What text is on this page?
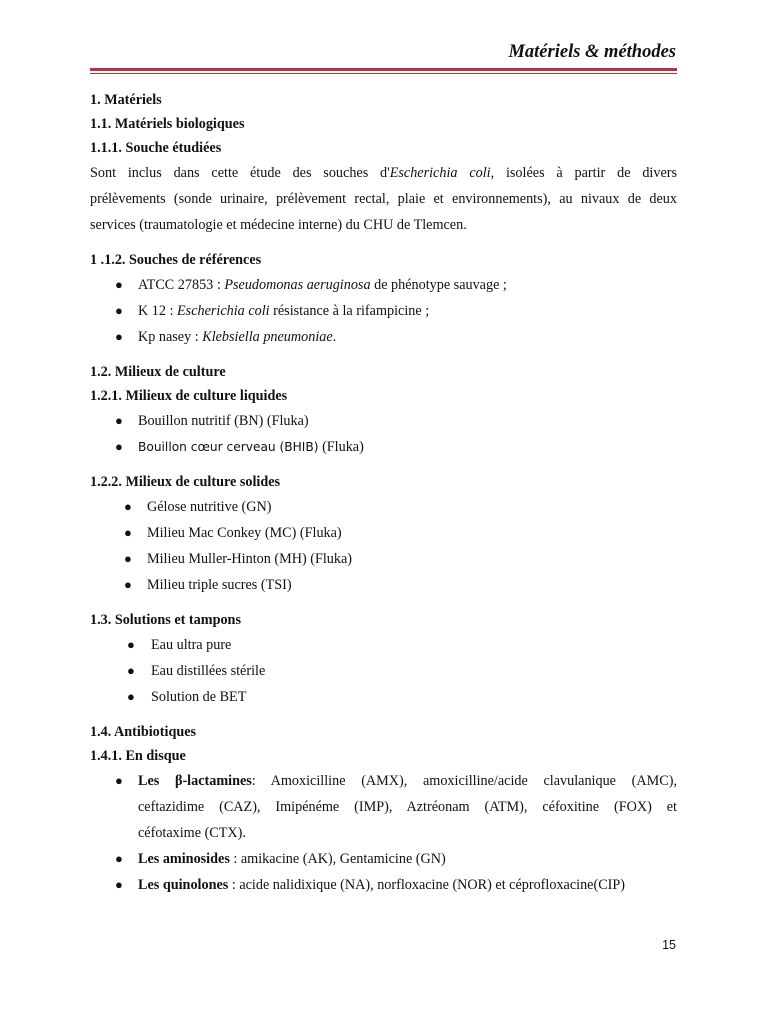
Matériels & méthodes
1. Matériels
1.1. Matériels biologiques
1.1.1. Souche étudiées
Sont inclus dans cette étude des souches d'Escherichia coli, isolées à partir de divers
prélèvements (sonde urinaire, prélèvement rectal, plaie et environnements), au nivaux de deux
services (traumatologie et médecine interne) du CHU de Tlemcen.
1 .1.2. Souches de références
● ATCC 27853 : Pseudomonas aeruginosa de phénotype sauvage ;
● K 12 : Escherichia coli résistance à la rifampicine ;
● Kp nasey : Klebsiella pneumoniae.
1.2. Milieux de culture
1.2.1. Milieux de culture liquides
● Bouillon nutritif (BN) (Fluka)
● Bouillon cœur cerveau (BHIB) (Fluka)
1.2.2. Milieux de culture solides
● Gélose nutritive (GN)
● Milieu Mac Conkey (MC) (Fluka)
● Milieu Muller-Hinton (MH) (Fluka)
● Milieu triple sucres (TSI)
1.3. Solutions et tampons
● Eau ultra pure
● Eau distillées stérile
● Solution de BET
1.4. Antibiotiques
1.4.1. En disque
● Les β-lactamines: Amoxicilline (AMX), amoxicilline/acide clavulanique (AMC),
ceftazidime (CAZ), Imipénéme (IMP), Aztréonam (ATM), céfoxitine (FOX) et
céfotaxime (CTX).
● Les aminosides : amikacine (AK), Gentamicine (GN)
● Les quinolones : acide nalidixique (NA), norfloxacine (NOR) et céprofloxacine(CIP)
15
